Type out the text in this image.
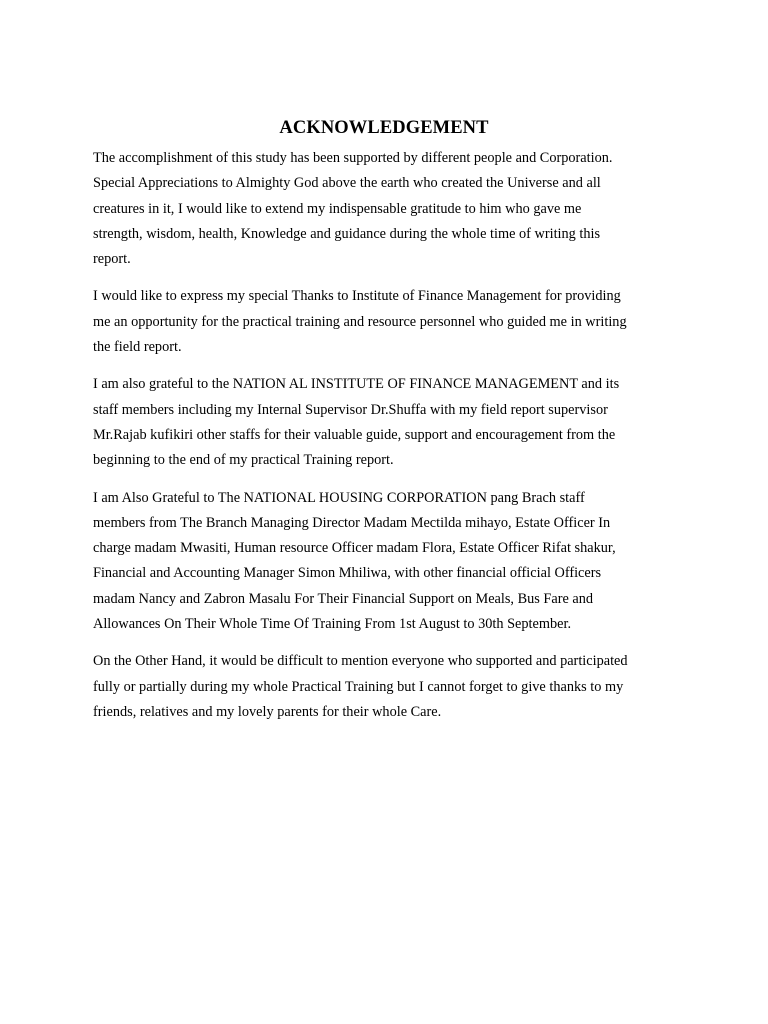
ACKNOWLEDGEMENT

The accomplishment of this study has been supported by different people and Corporation.
Special Appreciations to Almighty God above the earth who created the Universe and all
creatures in it, I would like to extend my indispensable gratitude to him who gave me
strength, wisdom, health, Knowledge and guidance during the whole time of writing this
report.

I would like to express my special Thanks to Institute of Finance Management for providing
me an opportunity for the practical training and resource personnel who guided me in writing
the field report.

I am also grateful to the NATION AL INSTITUTE OF FINANCE MANAGEMENT and its
staff members including my Internal Supervisor Dr.Shuffa with my field report supervisor
Mr.Rajab kufikiri other staffs for their valuable guide, support and encouragement from the
beginning to the end of my practical Training report.

I am Also Grateful to The NATIONAL HOUSING CORPORATION pang Brach staff
members from The Branch Managing Director Madam Mectilda mihayo, Estate Officer In
charge madam Mwasiti, Human resource Officer madam Flora, Estate Officer Rifat shakur,
Financial and Accounting Manager Simon Mhiliwa, with other financial official Officers
madam Nancy and Zabron Masalu For Their Financial Support on Meals, Bus Fare and
Allowances On Their Whole Time Of Training From 1st August to 30th September.

On the Other Hand, it would be difficult to mention everyone who supported and participated
fully or partially during my whole Practical Training but I cannot forget to give thanks to my
friends, relatives and my lovely parents for their whole Care.
